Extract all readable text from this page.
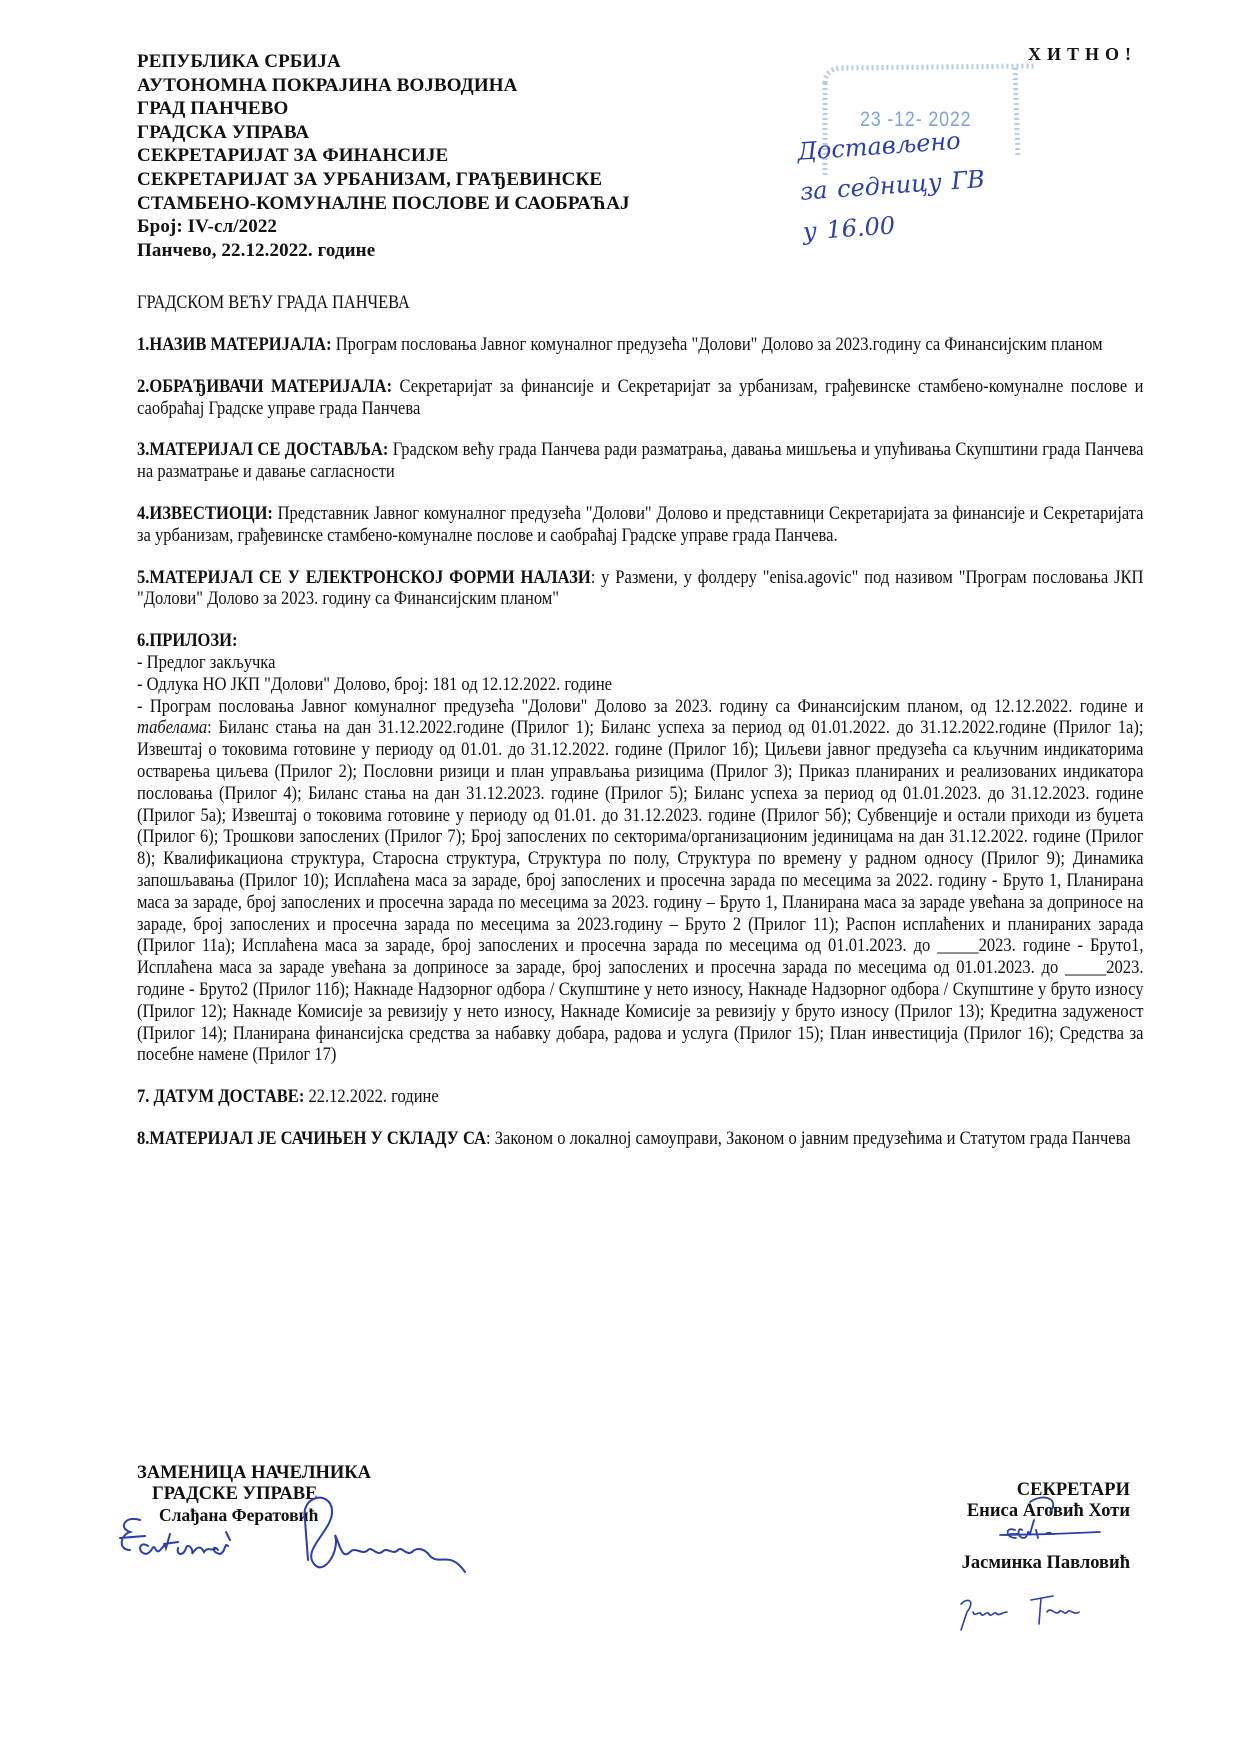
РЕПУБЛИКА СРБИЈА
АУТОНОМНА ПОКРАЈИНА ВОЈВОДИНА
ГРАД ПАНЧЕВО
ГРАДСКА УПРАВА
СЕКРЕТАРИЈАТ ЗА ФИНАНСИЈЕ
СЕКРЕТАРИЈАТ ЗА УРБАНИЗАМ, ГРАЂЕВИНСКЕ
СТАМБЕНО-КОМУНАЛНЕ ПОСЛОВЕ И САОБРАЋАЈ
Број: IV-сл/2022
Панчево, 22.12.2022. године
ХИТНО!
23 -12- 2022
Достављено за седницу ГВ у 16.00
ГРАДСКОМ ВЕЋУ ГРАДА ПАНЧЕВА
1.НАЗИВ МАТЕРИЈАЛА: Програм пословања Јавног комуналног предузећа "Долови" Долово за 2023.годину са Финансијским планом
2.ОБРАЂИВАЧИ МАТЕРИЈАЛА: Секретаријат за финансије и Секретаријат за урбанизам, грађевинске стамбено-комуналне послове и саобраћај Градске управе града Панчева
3.МАТЕРИЈАЛ СЕ ДОСТАВЉА: Градском већу града Панчева ради разматрања, давања мишљења и упућивања Скупштини града Панчева на разматрање и давање сагласности
4.ИЗВЕСТИОЦИ: Представник Јавног комуналног предузећа "Долови" Долово и представници Секретаријата за финансије и Секретаријата за урбанизам, грађевинске стамбено-комуналне послове и саобраћај Градске управе града Панчева.
5.МАТЕРИЈАЛ СЕ У ЕЛЕКТРОНСКОЈ ФОРМИ НАЛАЗИ: у Размени, у фолдеру "enisa.agovic" под називом "Програм пословања ЈКП "Долови" Долово за 2023. годину са Финансијским планом"
6.ПРИЛОЗИ:
- Предлог закључка
- Одлука НО ЈКП "Долови" Долово, број: 181 од 12.12.2022. године
- Програм пословања Јавног комуналног предузећа "Долови" Долово за 2023. годину са Финансијским планом, од 12.12.2022. године и табелама: Биланс стања на дан 31.12.2022.године (Прилог 1); Биланс успеха за период од 01.01.2022. до 31.12.2022.године (Прилог 1а); Извештај о токовима готовине у периоду од 01.01. до 31.12.2022. године (Прилог 1б); Циљеви јавног предузећа са кључним индикаторима остварења циљева (Прилог 2); Пословни ризици и план управљања ризицима (Прилог 3); Приказ планираних и реализованих индикатора пословања (Прилог 4); Биланс стања на дан 31.12.2023. године (Прилог 5); Биланс успеха за период од 01.01.2023. до 31.12.2023. године (Прилог 5а); Извештај о токовима готовине у периоду од 01.01. до 31.12.2023. године (Прилог 5б); Субвенције и остали приходи из буџета (Прилог 6); Трошкови запослених (Прилог 7); Број запослених по секторима/организационим јединицама на дан 31.12.2022. године (Прилог 8); Квалификациона структура, Старосна структура, Структура по полу, Структура по времену у радном односу (Прилог 9); Динамика запошљавања (Прилог 10); Исплаћена маса за зараде, број запослених и просечна зарада по месецима за 2022. годину - Бруто 1, Планирана маса за зараде, број запослених и просечна зарада по месецима за 2023. годину – Бруто 1, Планирана маса за зараде увећана за доприносе на зараде, број запослених и просечна зарада по месецима за 2023.годину – Бруто 2 (Прилог 11); Распон исплаћених и планираних зарада (Прилог 11а); Исплаћена маса за зараде, број запослених и просечна зарада по месецима од 01.01.2023. до _____2023. године - Бруто1, Исплаћена маса за зараде увећана за доприносе за зараде, број запослених и просечна зарада по месецима од 01.01.2023. до _____2023. године - Бруто2 (Прилог 11б); Накнаде Надзорног одбора / Скупштине у нето износу, Накнаде Надзорног одбора / Скупштине у бруто износу (Прилог 12); Накнаде Комисије за ревизију у нето износу, Накнаде Комисије за ревизију у бруто износу (Прилог 13); Кредитна задуженост (Прилог 14); Планирана финансијска средства за набавку добара, радова и услуга (Прилог 15); План инвестиција (Прилог 16); Средства за посебне намене (Прилог 17)
7. ДАТУМ ДОСТАВЕ: 22.12.2022. године
8.МАТЕРИЈАЛ ЈЕ САЧИЊЕН У СКЛАДУ СА: Законом о локалној самоуправи, Законом о јавним предузећима и Статутом града Панчева
ЗАМЕНИЦА НАЧЕЛНИКА
ГРАДСКЕ УПРАВЕ
Слађана Фератовић
СЕКРЕТАРИ
Ениса Аговић Хоти
Јасминка Павловић
